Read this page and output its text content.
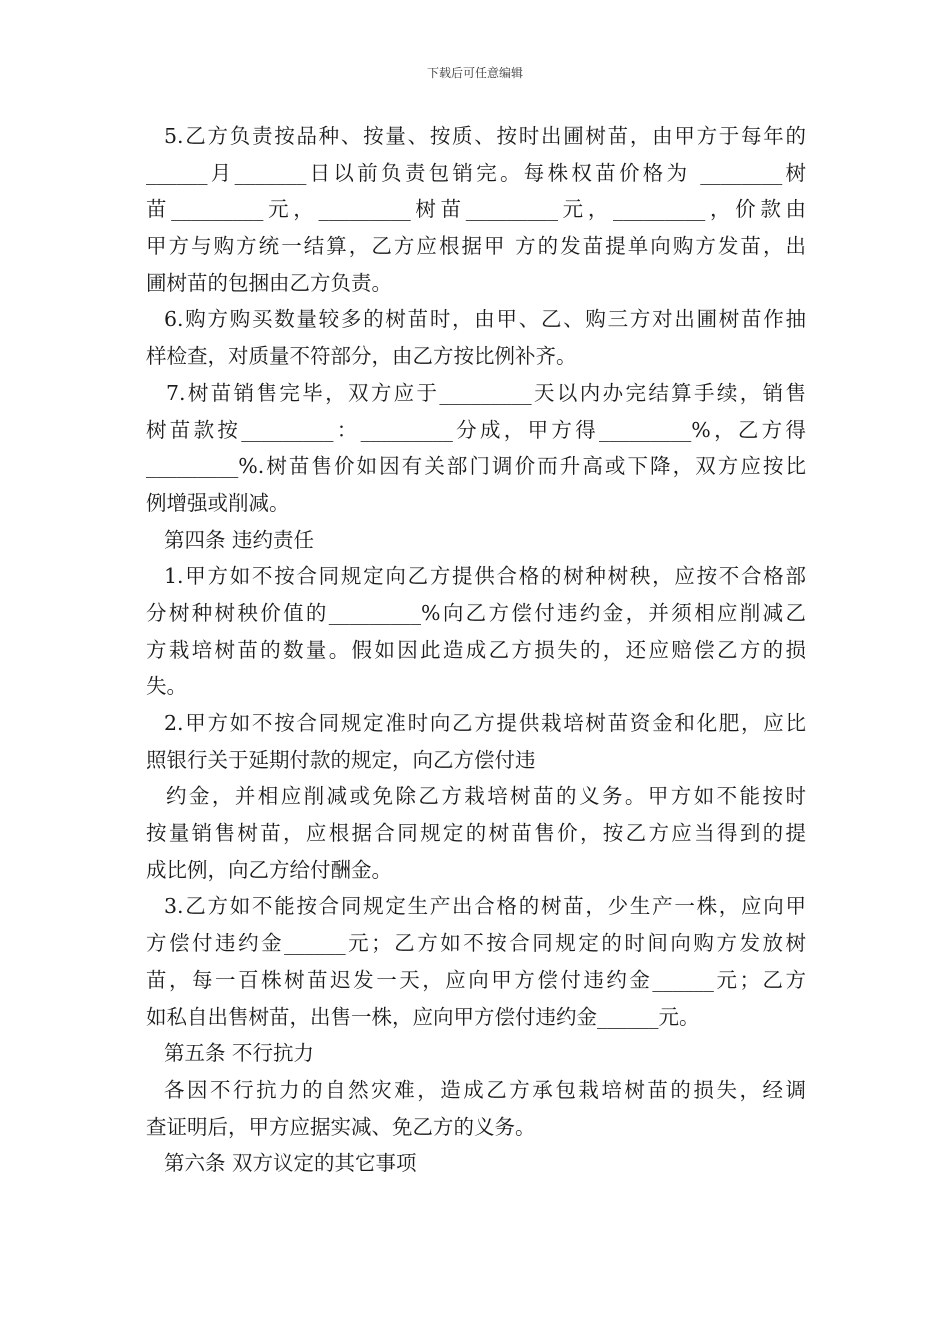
下载后可任意编辑
5.乙方负责按品种、按量、按质、按时出圃树苗，由甲方于每年的
______月_______日以前负责包销完。每株权苗价格为 ________树
苗_________元，_________树苗_________元，_________，价款由
甲方与购方统一结算，乙方应根据甲 方的发苗提单向购方发苗，出
圃树苗的包捆由乙方负责。
6.购方购买数量较多的树苗时，由甲、乙、购三方对出圃树苗作抽
样检查，对质量不符部分，由乙方按比例补齐。
7.树苗销售完毕，双方应于_________天以内办完结算手续，销售
树苗款按_________：_________分成，甲方得_________%，乙方得
_________%.树苗售价如因有关部门调价而升高或下降，双方应按比
例增强或削减。
第四条 违约责任
1.甲方如不按合同规定向乙方提供合格的树种树秧，应按不合格部
分树种树秧价值的_________%向乙方偿付违约金，并须相应削减乙
方栽培树苗的数量。假如因此造成乙方损失的，还应赔偿乙方的损
失。
2.甲方如不按合同规定准时向乙方提供栽培树苗资金和化肥，应比
照银行关于延期付款的规定，向乙方偿付违
约金，并相应削减或免除乙方栽培树苗的义务。甲方如不能按时
按量销售树苗，应根据合同规定的树苗售价，按乙方应当得到的提
成比例，向乙方给付酬金。
3.乙方如不能按合同规定生产出合格的树苗，少生产一株，应向甲
方偿付违约金______元；乙方如不按合同规定的时间向购方发放树
苗，每一百株树苗迟发一天，应向甲方偿付违约金______元；乙方
如私自出售树苗，出售一株，应向甲方偿付违约金______元。
第五条 不行抗力
各因不行抗力的自然灾难，造成乙方承包栽培树苗的损失，经调
查证明后，甲方应据实减、免乙方的义务。
第六条 双方议定的其它事项
